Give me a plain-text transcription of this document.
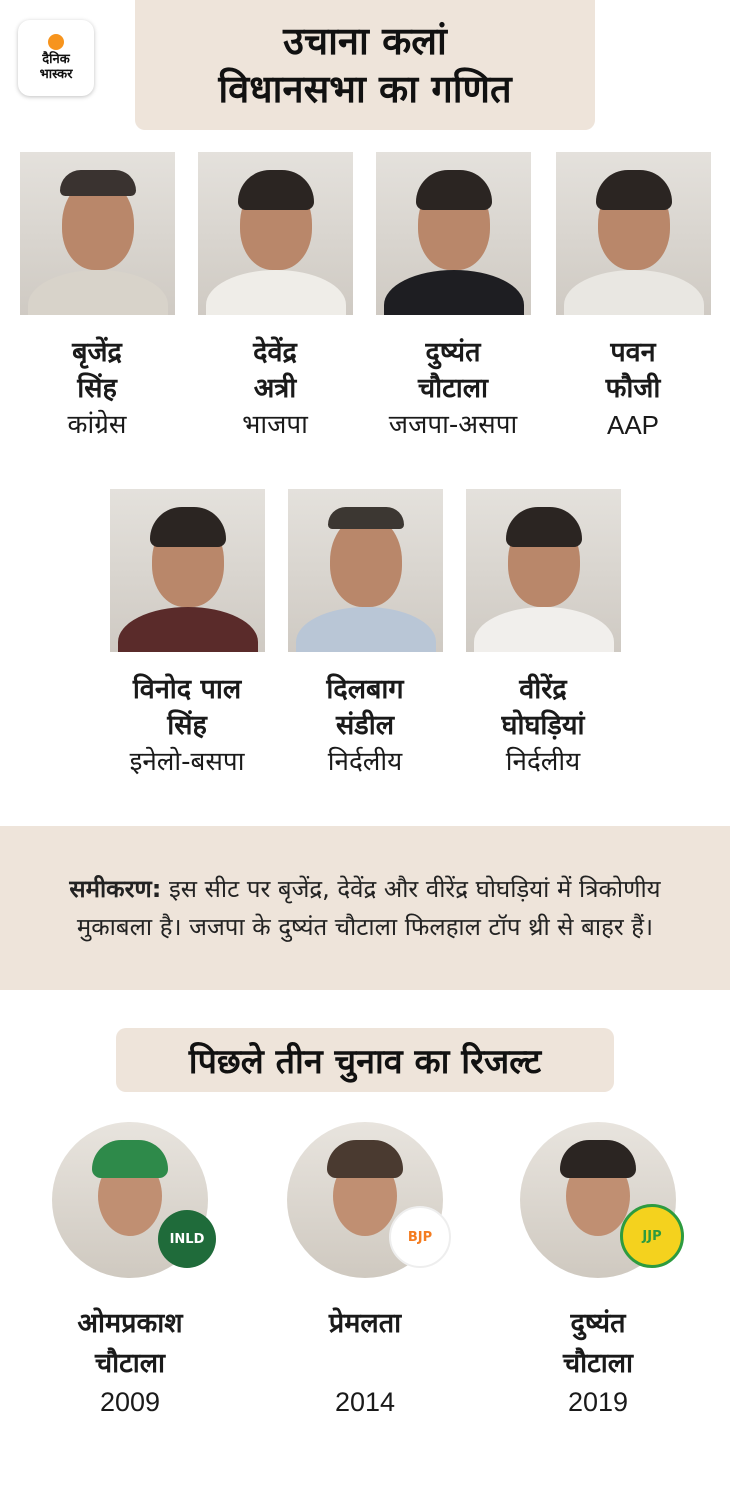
दैनिक
भास्कर
उचाना कलां
विधानसभा का गणित
बृजेंद्र
सिंह
कांग्रेस
देवेंद्र
अत्री
भाजपा
दुष्यंत
चौटाला
जजपा-असपा
पवन
फौजी
AAP
विनोद पाल
सिंह
इनेलो-बसपा
दिलबाग
संडील
निर्दलीय
वीरेंद्र
घोघड़ियां
निर्दलीय

समीकरण: इस सीट पर बृजेंद्र, देवेंद्र और वीरेंद्र घोघड़ियां में त्रिकोणीय मुकाबला है। जजपा के दुष्यंत चौटाला फिलहाल टॉप थ्री से बाहर हैं।

पिछले तीन चुनाव का रिजल्ट
INLD
ओमप्रकाश
चौटाला
2009
BJP
प्रेमलता
2014
JJP
दुष्यंत
चौटाला
2019
